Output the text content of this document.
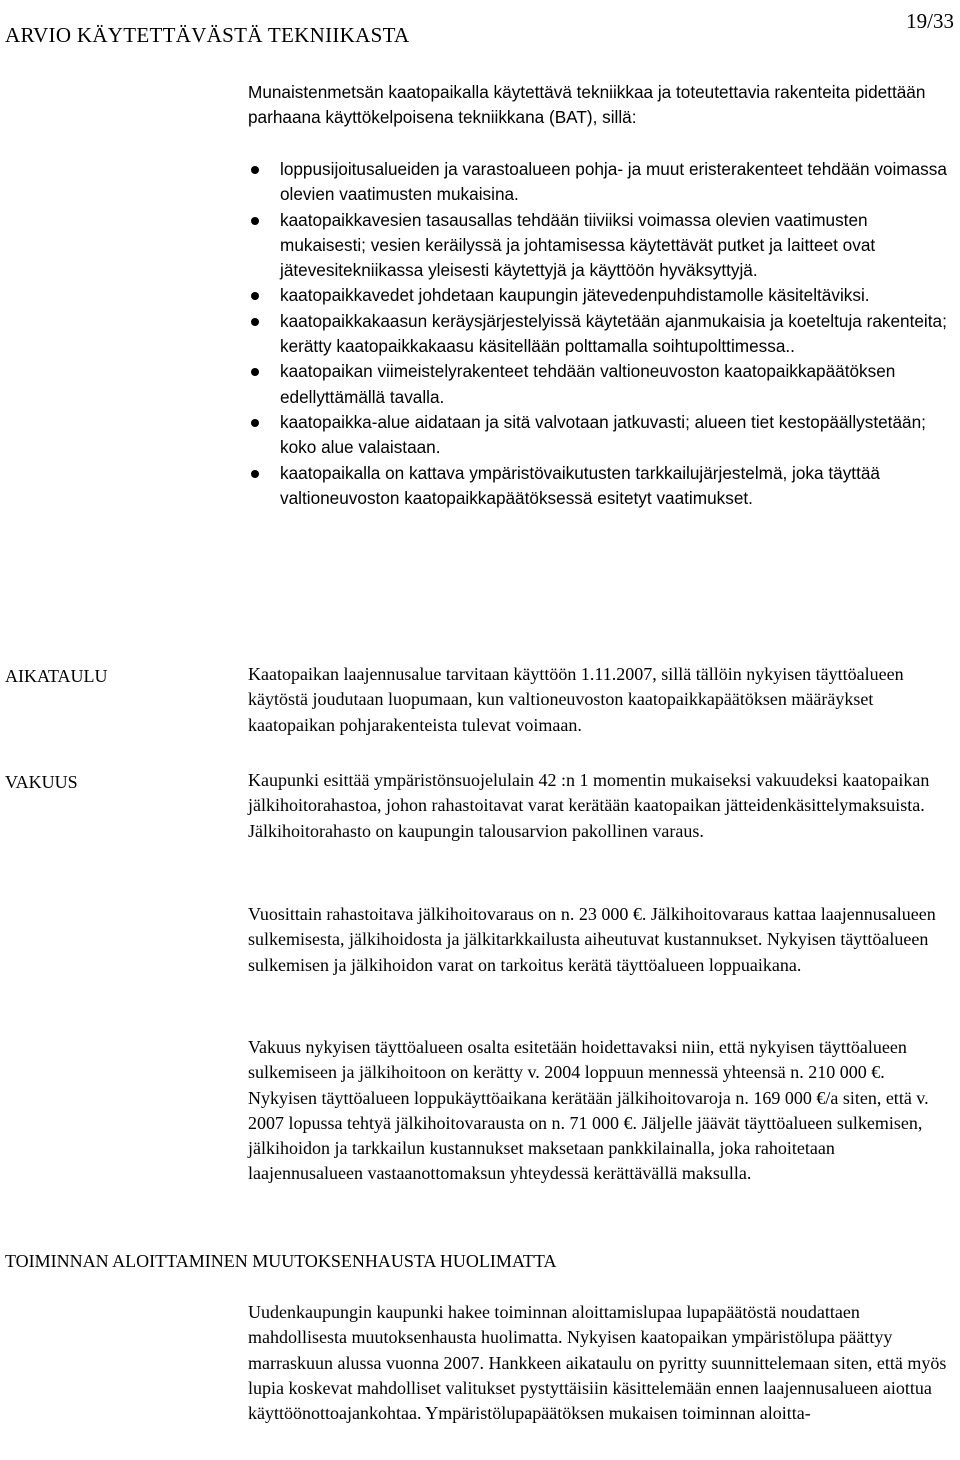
ARVIO KÄYTETTÄVÄSTÄ TEKNIIKASTA
19/33

Munaistenmetsän kaatopaikalla käytettävä tekniikkaa ja toteutettavia rakenteita pidettään parhaana käyttökelpoisena tekniikkana (BAT), sillä:

loppusijoitusalueiden ja varastoalueen pohja- ja muut eristerakenteet tehdään voimassa olevien vaatimusten mukaisina.
kaatopaikkavesien tasausallas tehdään tiiviiksi voimassa olevien vaatimusten mukaisesti; vesien keräilyssä ja johtamisessa käytettävät putket ja laitteet ovat jätevesitekniikassa yleisesti käytettyjä ja käyttöön hyväksyttyjä.
kaatopaikkavedet johdetaan kaupungin jätevedenpuhdistamolle käsiteltäviksi.
kaatopaikkakaasun keräysjärjestelyissä käytetään ajanmukaisia ja koeteltuja rakenteita; kerätty kaatopaikkakaasu käsitellään polttamalla soihtupolttimessa..
kaatopaikan viimeistelyrakenteet tehdään valtioneuvoston kaatopaikkapäätöksen edellyttämällä tavalla.
kaatopaikka-alue aidataan ja sitä valvotaan jatkuvasti; alueen tiet kestopäällystetään; koko alue valaistaan.
kaatopaikalla on kattava ympäristövaikutusten tarkkailujärjestelmä, joka täyttää valtioneuvoston kaatopaikkapäätöksessä esitetyt vaatimukset.
AIKATAULU	Kaatopaikan laajennusalue tarvitaan käyttöön 1.11.2007, sillä tällöin nykyisen täyttöalueen käytöstä joudutaan luopumaan, kun valtioneuvoston kaatopaikkapäätöksen määräykset kaatopaikan pohjarakenteista tulevat voimaan.

VAKUUS	Kaupunki esittää ympäristönsuojelulain 42 :n 1 momentin mukaiseksi vakuudeksi kaatopaikan jälkihoitorahastoa, johon rahastoitavat varat kerätään kaatopaikan jätteidenkäsittelymaksuista. Jälkihoitorahasto on kaupungin talousarvion pakollinen varaus.

Vuosittain rahastoitava jälkihoitovaraus on n. 23 000 €. Jälkihoitovaraus kattaa laajennusalueen sulkemisesta, jälkihoidosta ja jälkitarkkailusta aiheutuvat kustannukset. Nykyisen täyttöalueen sulkemisen ja jälkihoidon varat on tarkoitus kerätä täyttöalueen loppuaikana.

Vakuus nykyisen täyttöalueen osalta esitetään hoidettavaksi niin, että nykyisen täyttöalueen sulkemiseen ja jälkihoitoon on kerätty v. 2004 loppuun mennessä yhteensä n. 210 000 €. Nykyisen täyttöalueen loppukäyttöaikana kerätään jälkihoitovaroja n. 169 000 €/a siten, että v. 2007 lopussa tehtyä jälkihoitovarausta on n. 71 000 €. Jäljelle jäävät täyttöalueen sulkemisen, jälkihoidon ja tarkkailun kustannukset maksetaan pankkilainalla, joka rahoitetaan laajennusalueen vastaanottomaksun yhteydessä kerättävällä maksulla.

TOIMINNAN ALOITTAMINEN MUUTOKSENHAUSTA HUOLIMATTA

Uudenkaupungin kaupunki hakee toiminnan aloittamislupaa lupapäätöstä noudattaen mahdollisesta muutoksenhausta huolimatta. Nykyisen kaatopaikan ympäristölupa päättyy marraskuun alussa vuonna 2007. Hankkeen aikataulu on pyritty suunnittelemaan siten, että myös lupia koskevat mahdolliset valitukset pystyttäisiin käsittelemään ennen laajennusalueen aiottua käyttöönottoajankohtaa. Ympäristölupapäätöksen mukaisen toiminnan aloitta-
